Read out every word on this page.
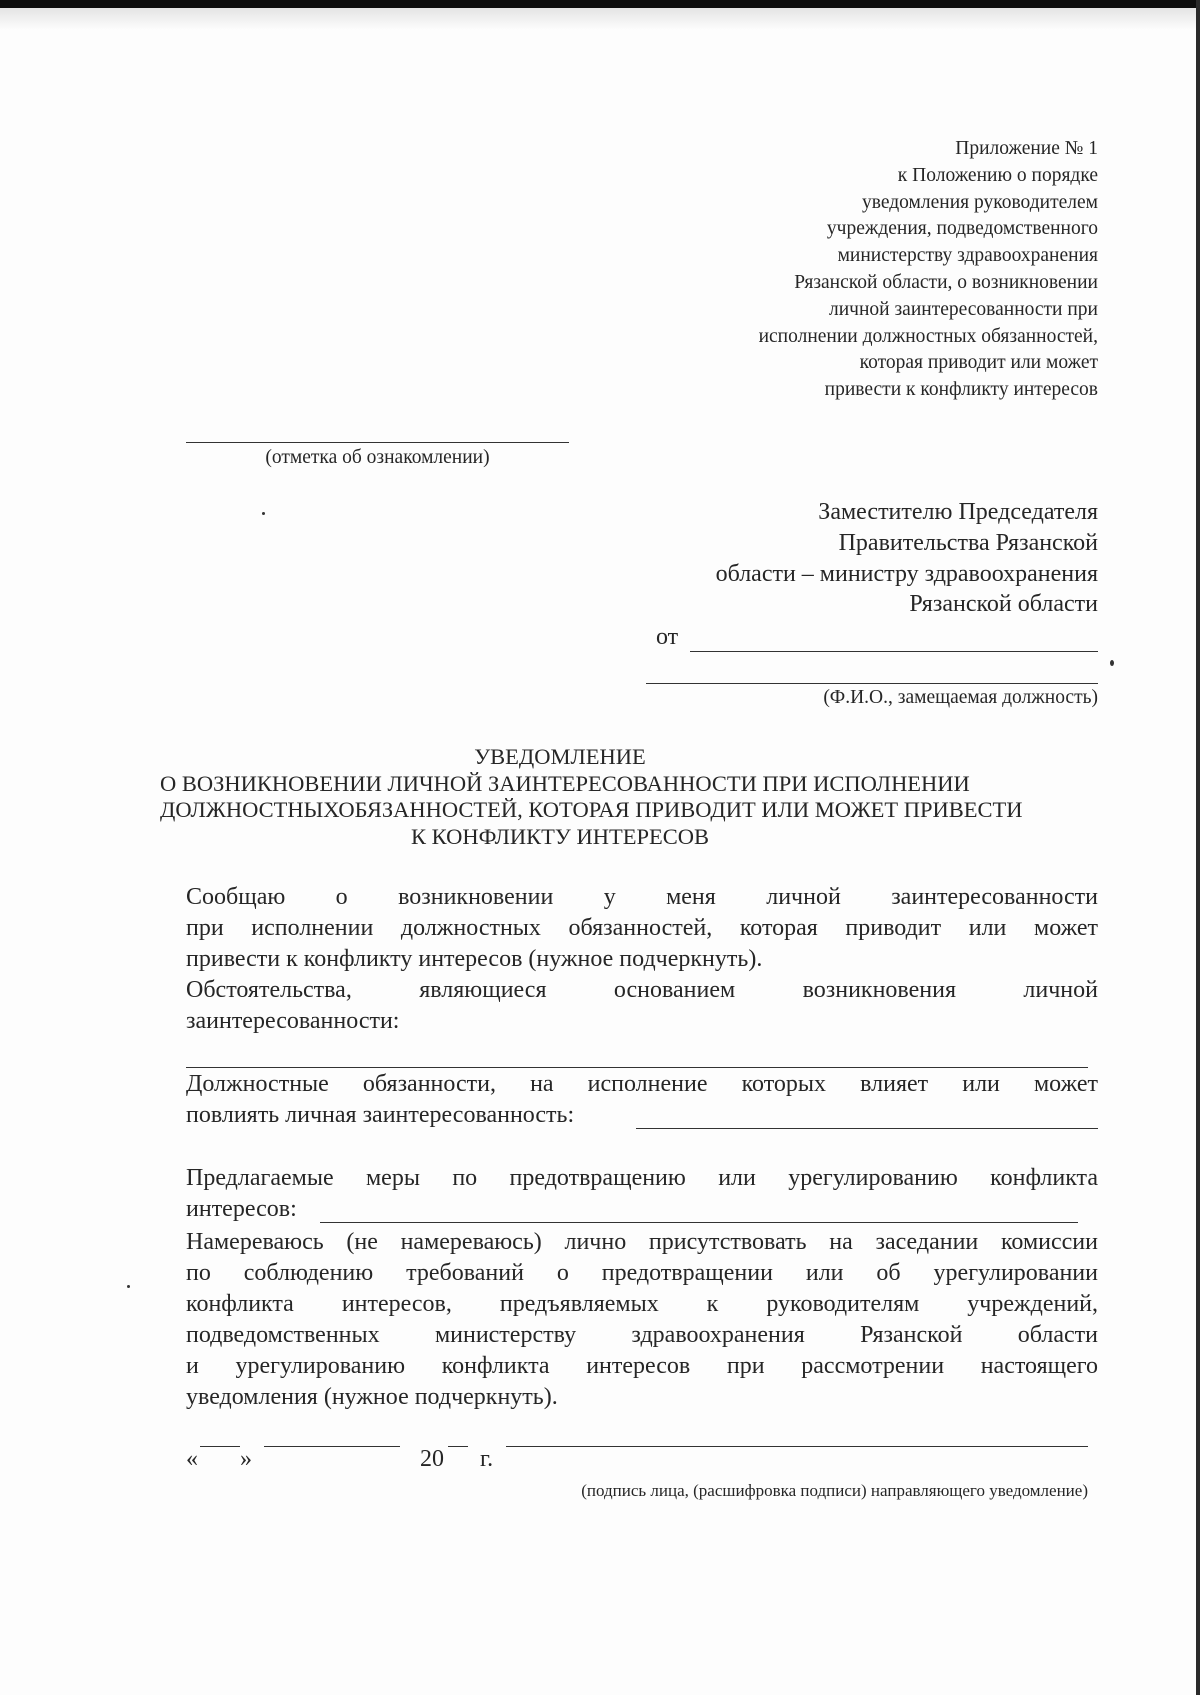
Приложение № 1
к Положению о порядке
уведомления руководителем
учреждения, подведомственного
министерству здравоохранения
Рязанской области, о возникновении
личной заинтересованности при
исполнении должностных обязанностей,
которая приводит или может
привести к конфликту интересов
(отметка об ознакомлении)
Заместителю Председателя
Правительства Рязанской
области – министру здравоохранения
Рязанской области
от
(Ф.И.О., замещаемая должность)
УВЕДОМЛЕНИЕ
О ВОЗНИКНОВЕНИИ ЛИЧНОЙ ЗАИНТЕРЕСОВАННОСТИ ПРИ ИСПОЛНЕНИИ
ДОЛЖНОСТНЫХОБЯЗАННОСТЕЙ, КОТОРАЯ ПРИВОДИТ ИЛИ МОЖЕТ ПРИВЕСТИ
К КОНФЛИКТУ ИНТЕРЕСОВ
Сообщаю о возникновении у меня личной заинтересованности
при исполнении должностных обязанностей, которая приводит или может
привести к конфликту интересов (нужное подчеркнуть).
Обстоятельства, являющиеся основанием возникновения личной
заинтересованности:
Должностные обязанности, на исполнение которых влияет или может
повлиять личная заинтересованность:
Предлагаемые меры по предотвращению или урегулированию конфликта
интересов:
Намереваюсь (не намереваюсь) лично присутствовать на заседании комиссии
по соблюдению требований о предотвращении или об урегулировании
конфликта интересов, предъявляемых к руководителям учреждений,
подведомственных министерству здравоохранения Рязанской области
и урегулированию конфликта интересов при рассмотрении настоящего
уведомления (нужное подчеркнуть).
« »	20 г.
(подпись лица, (расшифровка подписи) направляющего уведомление)
